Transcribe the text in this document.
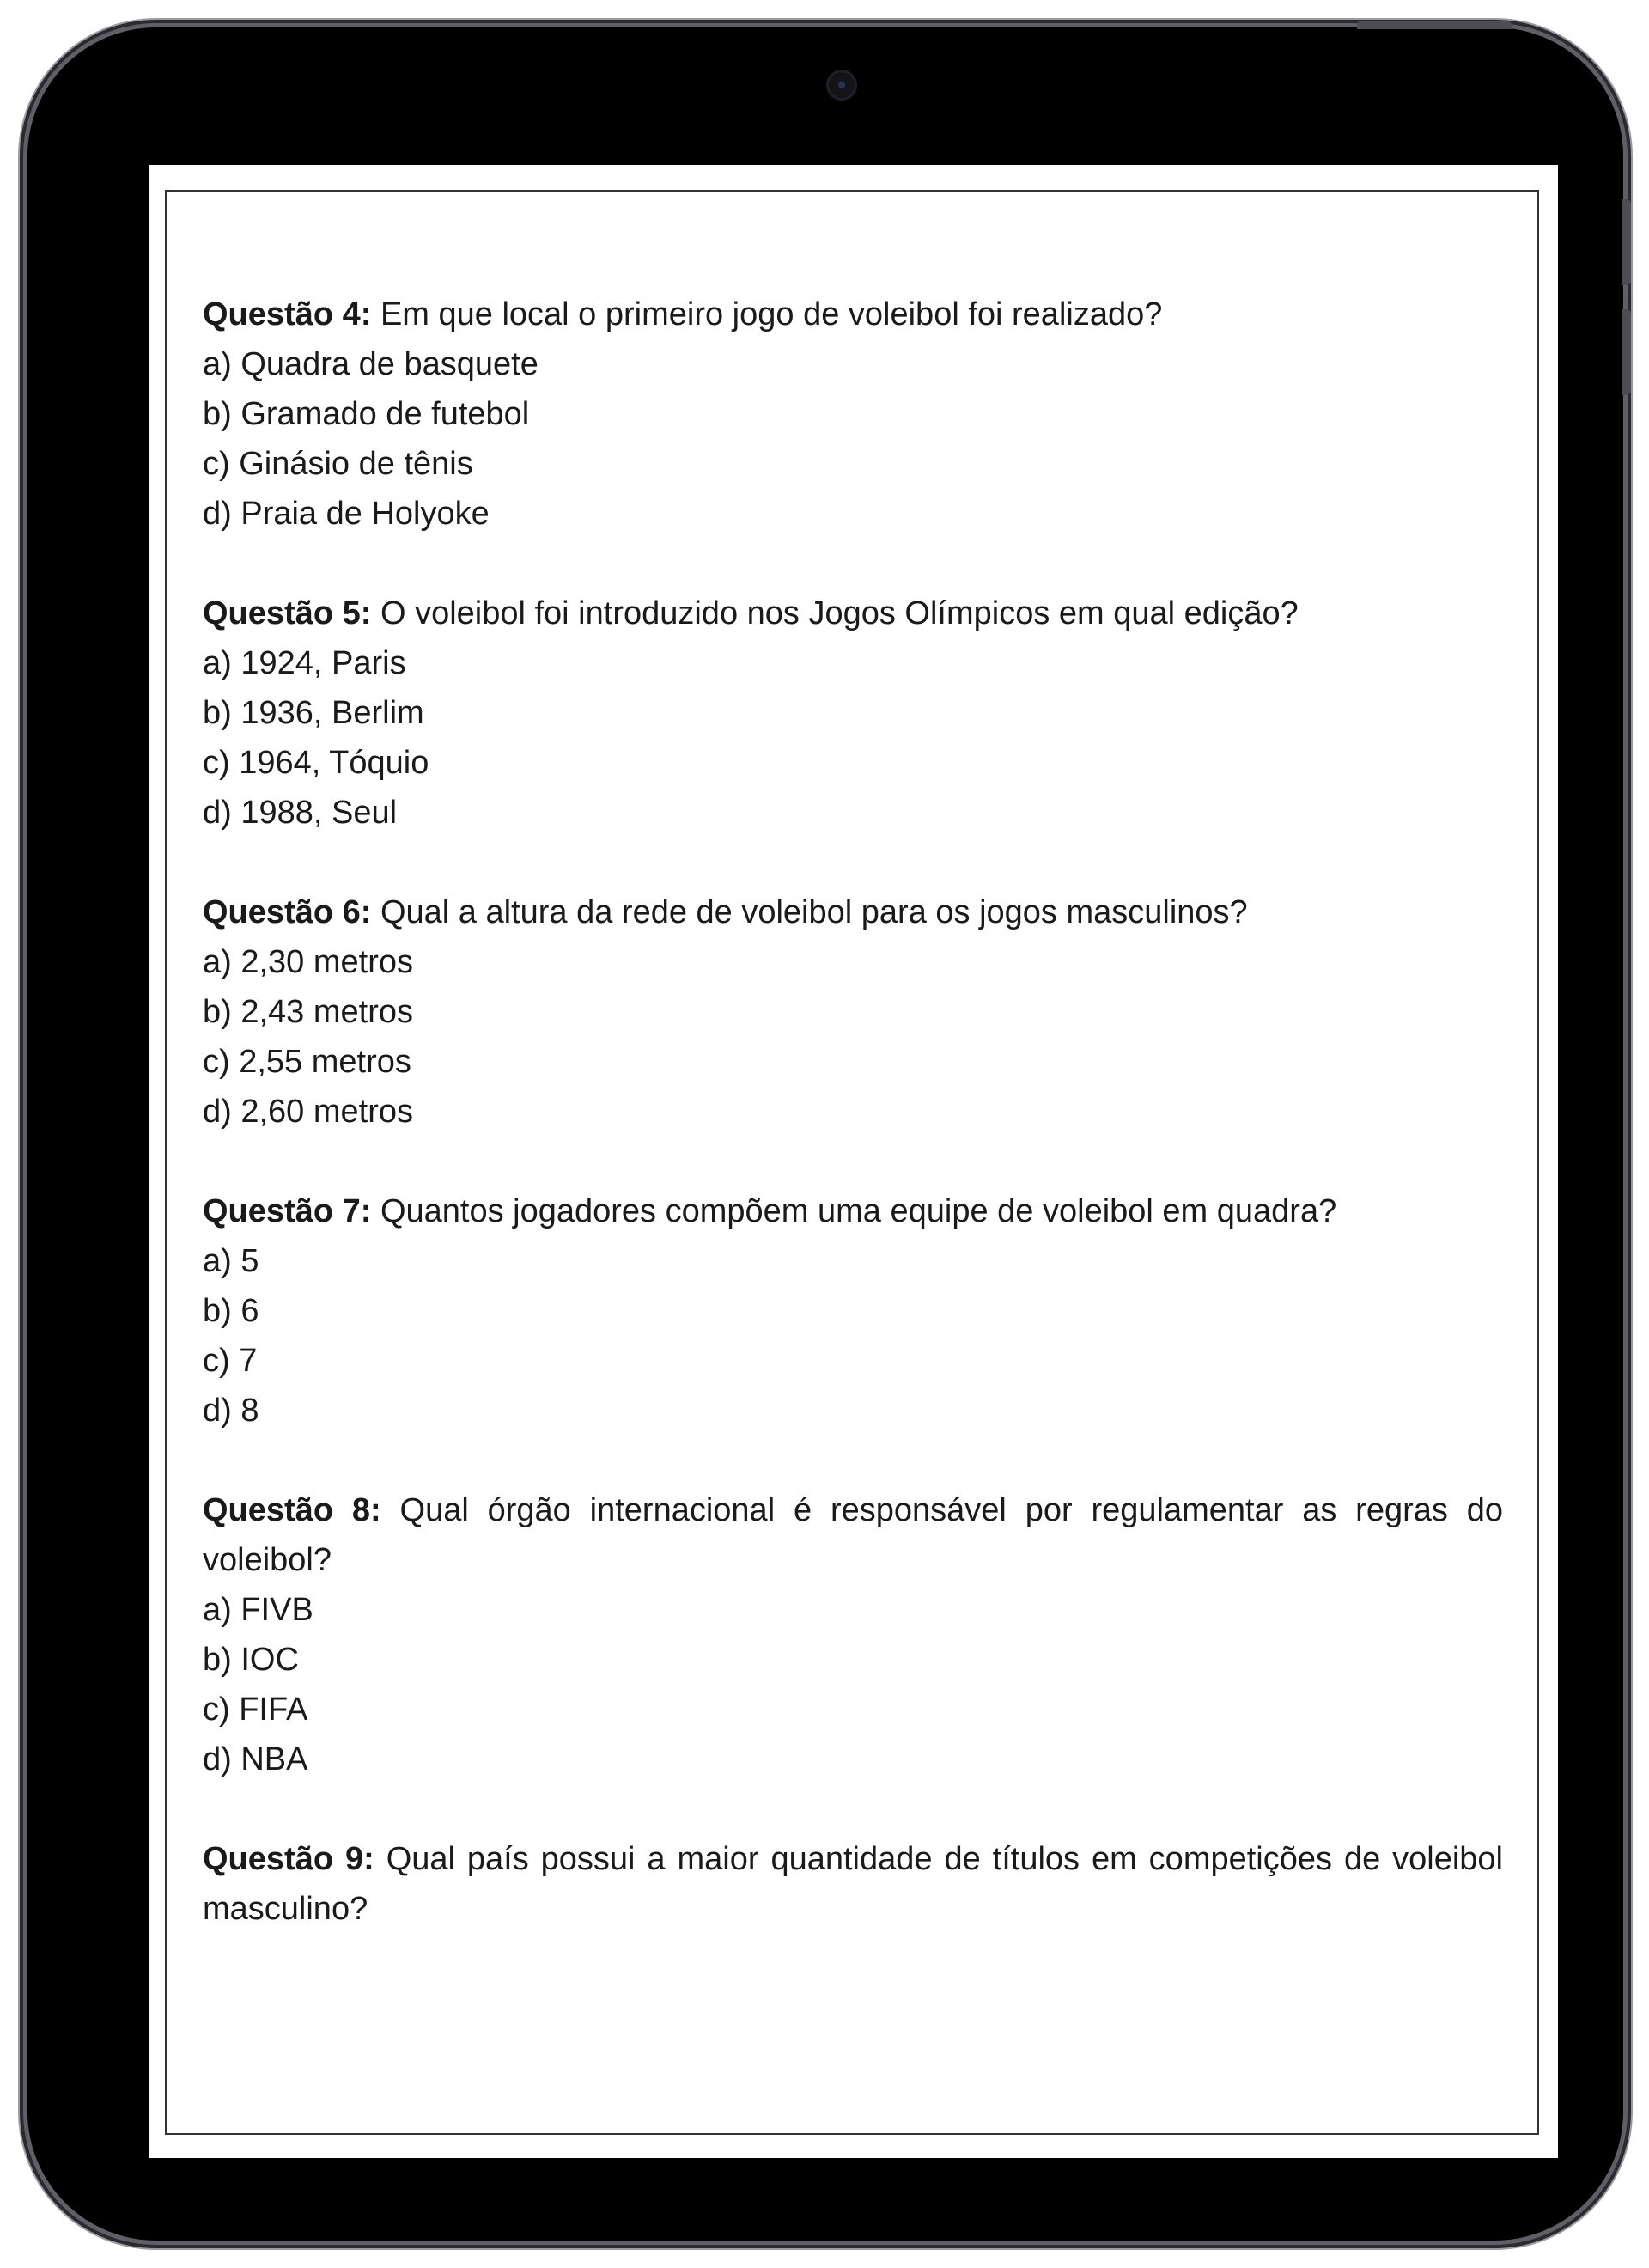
Questão 4: Em que local o primeiro jogo de voleibol foi realizado?

a) Quadra de basquete

b) Gramado de futebol

c) Ginásio de tênis

d) Praia de Holyoke

Questão 5: O voleibol foi introduzido nos Jogos Olímpicos em qual edição?

a) 1924, Paris

b) 1936, Berlim

c) 1964, Tóquio

d) 1988, Seul

Questão 6: Qual a altura da rede de voleibol para os jogos masculinos?

a) 2,30 metros

b) 2,43 metros

c) 2,55 metros

d) 2,60 metros

Questão 7: Quantos jogadores compõem uma equipe de voleibol em quadra?

a) 5

b) 6

c) 7

d) 8

Questão 8: Qual órgão internacional é responsável por regulamentar as regras do voleibol?

a) FIVB

b) IOC

c) FIFA

d) NBA

Questão 9: Qual país possui a maior quantidade de títulos em competições de voleibol masculino?
